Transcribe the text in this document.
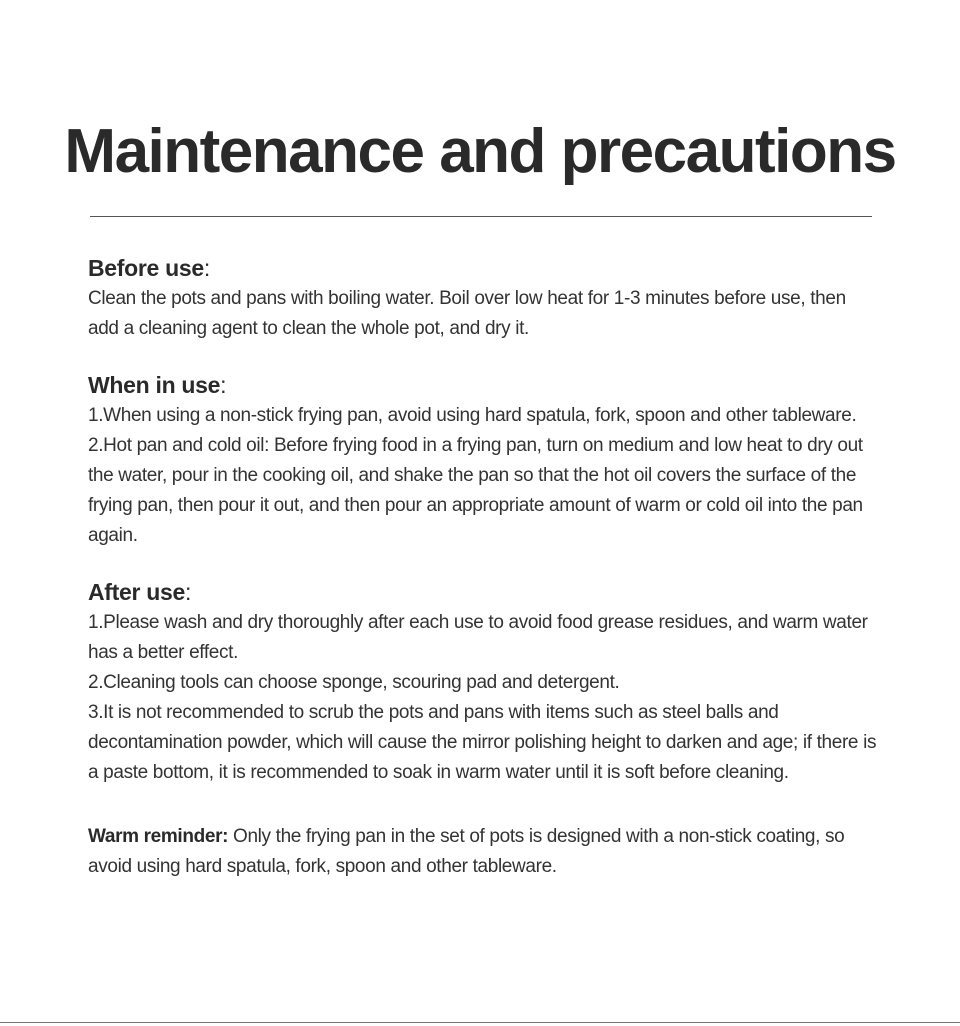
Maintenance and precautions
Before use:

Clean the pots and pans with boiling water. Boil over low heat for 1-3 minutes before use, then add a cleaning agent to clean the whole pot, and dry it.

When in use:

1.When using a non-stick frying pan, avoid using hard spatula, fork, spoon and other tableware.

2.Hot pan and cold oil: Before frying food in a frying pan, turn on medium and low heat to dry out the water, pour in the cooking oil, and shake the pan so that the hot oil covers the surface of the frying pan, then pour it out, and then pour an appropriate amount of warm or cold oil into the pan again.

After use:

1.Please wash and dry thoroughly after each use to avoid food grease residues, and warm water has a better effect.

2.Cleaning tools can choose sponge, scouring pad and detergent.

3.It is not recommended to scrub the pots and pans with items such as steel balls and decontamination powder, which will cause the mirror polishing height to darken and age; if there is a paste bottom, it is recommended to soak in warm water until it is soft before cleaning.

Warm reminder: Only the frying pan in the set of pots is designed with a non-stick coating, so avoid using hard spatula, fork, spoon and other tableware.
